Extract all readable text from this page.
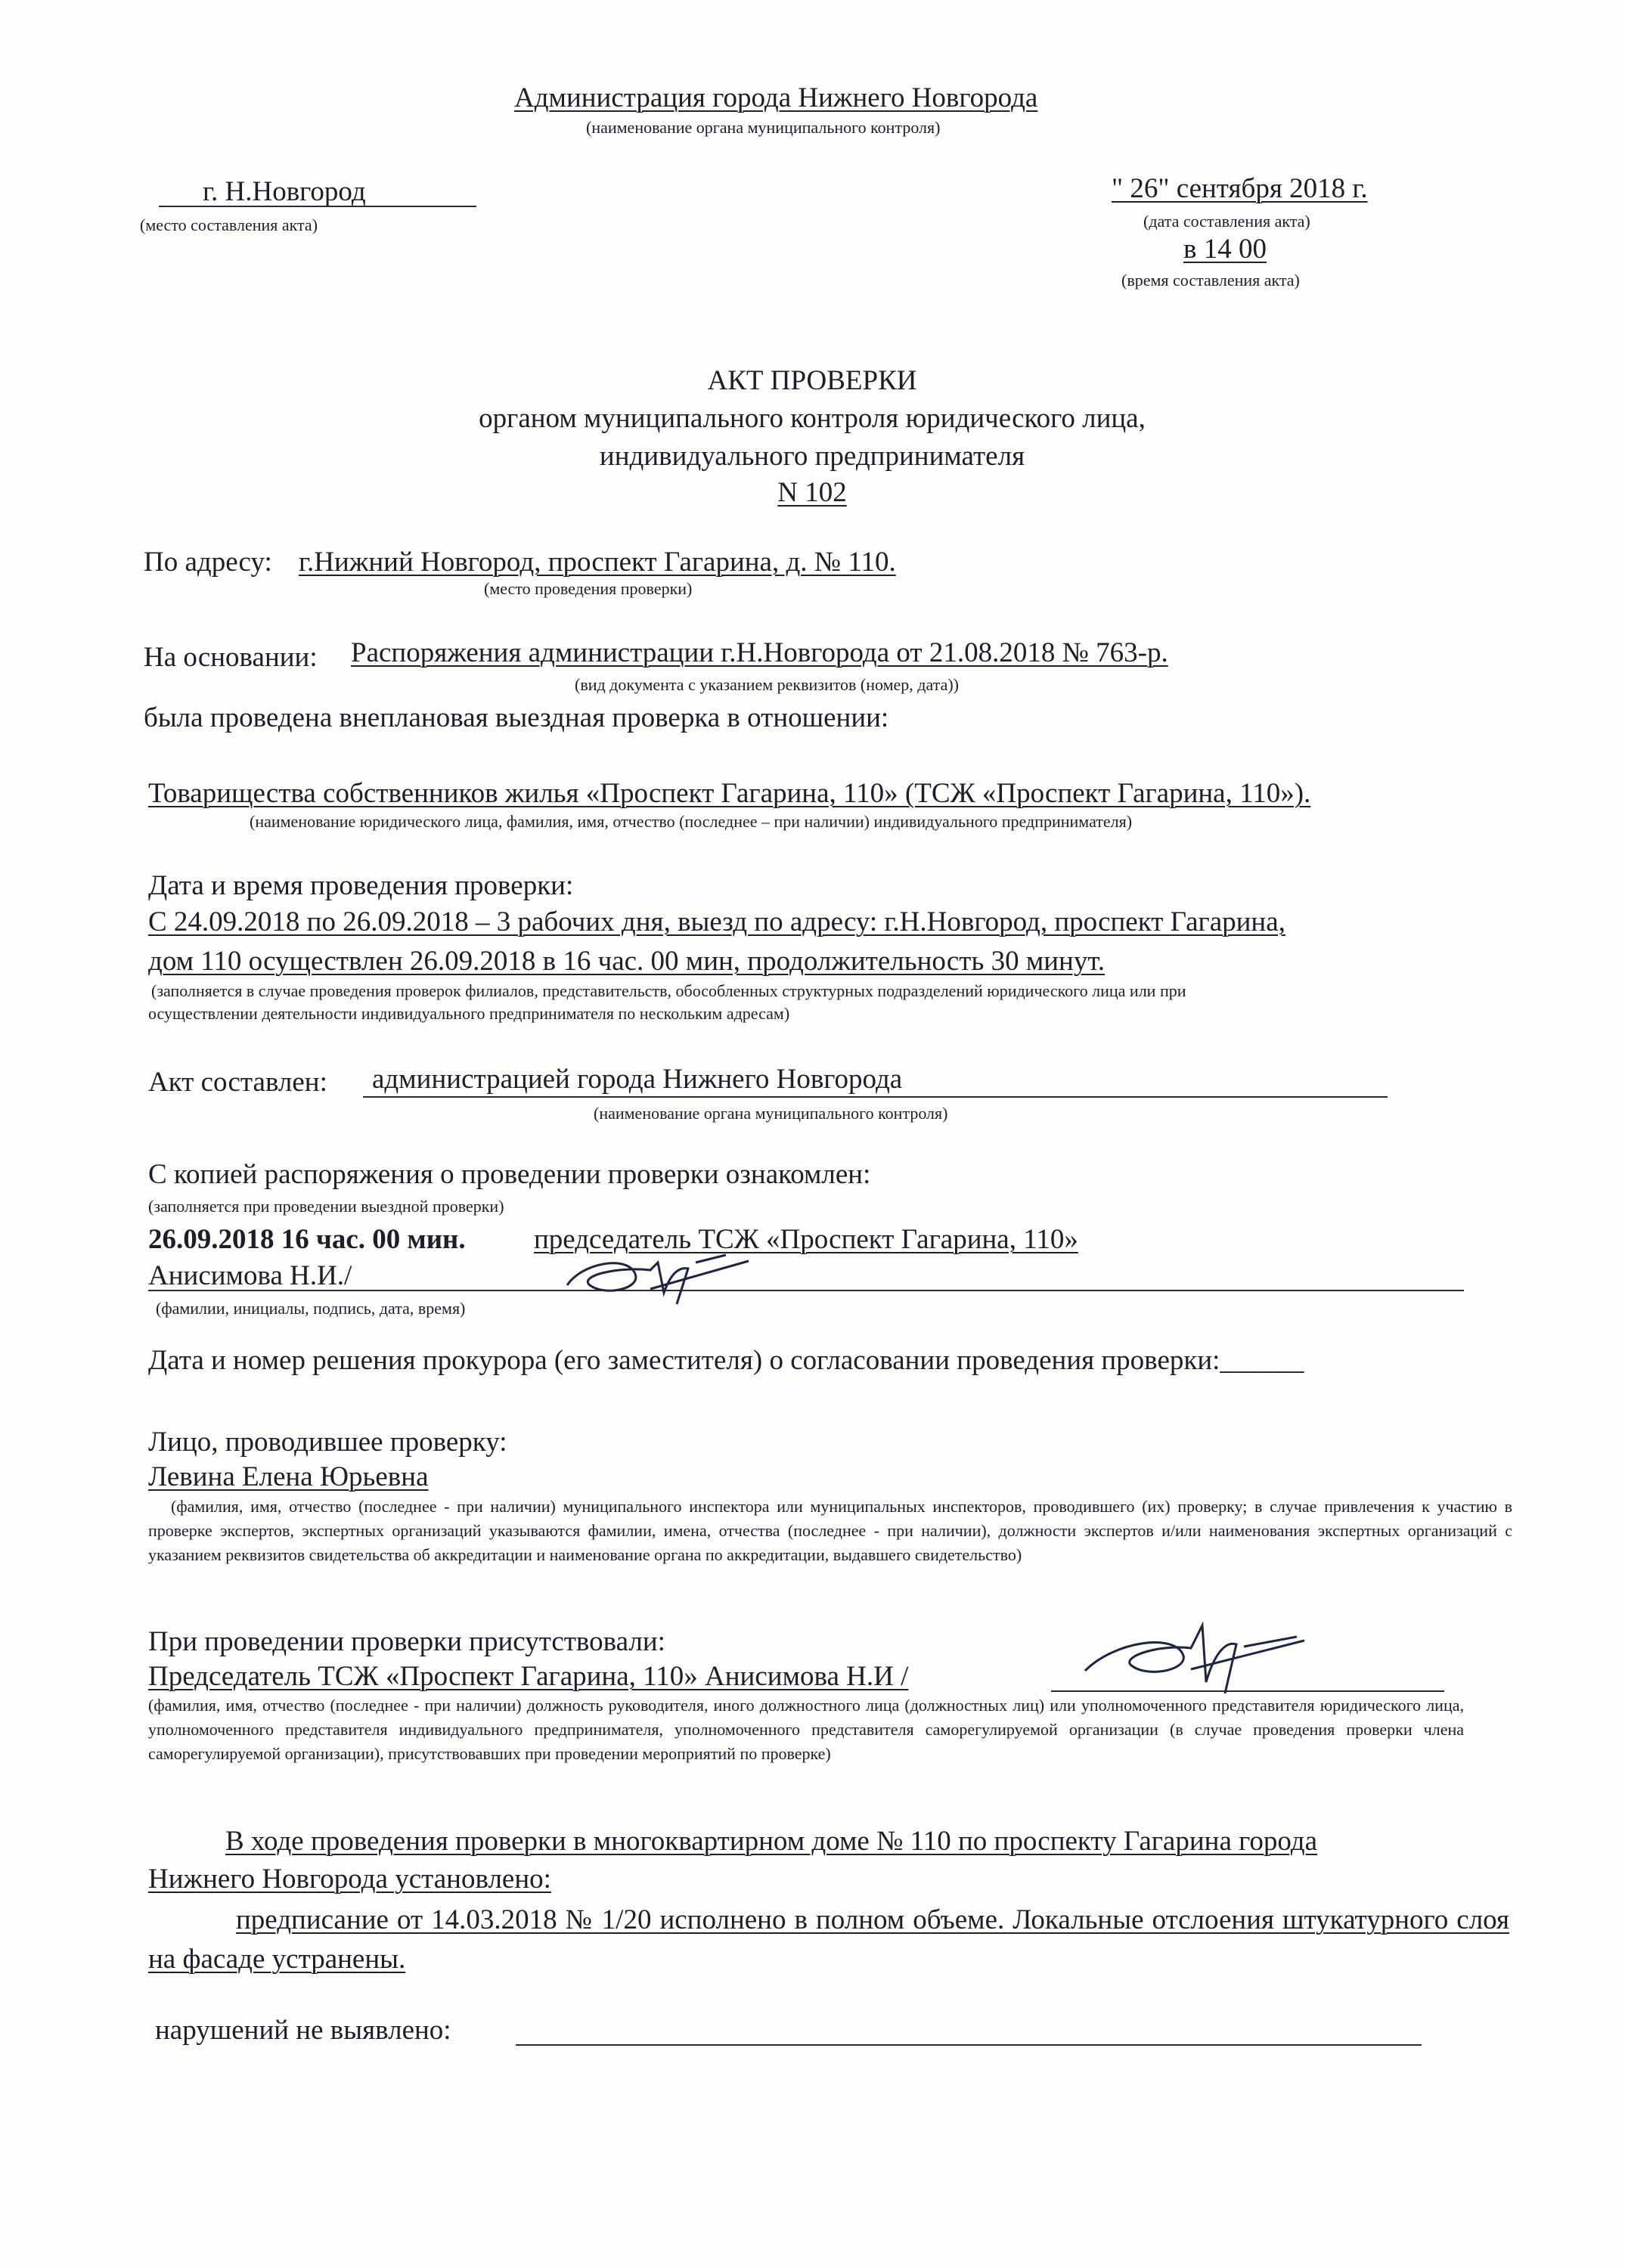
Администрация города Нижнего Новгорода
(наименование органа муниципального контроля)
г. Н.Новгород
(место составления акта)
" 26" сентября 2018 г.
(дата составления акта)
в 14 00
(время составления акта)
АКТ ПРОВЕРКИ
органом муниципального контроля юридического лица,
индивидуального предпринимателя
N 102
По адресу: г.Нижний Новгород, проспект Гагарина, д. № 110.
(место проведения проверки)
На основании: Распоряжения администрации г.Н.Новгорода от 21.08.2018 № 763-р.
(вид документа с указанием реквизитов (номер, дата))
была проведена внеплановая выездная проверка в отношении:
Товарищества собственников жилья «Проспект Гагарина, 110» (ТСЖ «Проспект Гагарина, 110»).
(наименование юридического лица, фамилия, имя, отчество (последнее – при наличии) индивидуального предпринимателя)
Дата и время проведения проверки:
С 24.09.2018 по 26.09.2018 – 3 рабочих дня, выезд по адресу: г.Н.Новгород, проспект Гагарина,
дом 110 осуществлен 26.09.2018 в 16 час. 00 мин, продолжительность 30 минут.
(заполняется в случае проведения проверок филиалов, представительств, обособленных структурных подразделений юридического лица или при
осуществлении деятельности индивидуального предпринимателя по нескольким адресам)
Акт составлен: администрацией города Нижнего Новгорода
(наименование органа муниципального контроля)
С копией распоряжения о проведении проверки ознакомлен:
(заполняется при проведении выездной проверки)
26.09.2018 16 час. 00 мин. председатель ТСЖ «Проспект Гагарина, 110»
Анисимова Н.И./
(фамилии, инициалы, подпись, дата, время)
Дата и номер решения прокурора (его заместителя) о согласовании проведения проверки:______
Лицо, проводившее проверку:
Левина Елена Юрьевна
(фамилия, имя, отчество (последнее - при наличии) муниципального инспектора или муниципальных инспекторов, проводившего (их) проверку; в случае привлечения к участию в проверке экспертов, экспертных организаций указываются фамилии, имена, отчества (последнее - при наличии), должности экспертов и/или наименования экспертных организаций с указанием реквизитов свидетельства об аккредитации и наименование органа по аккредитации, выдавшего свидетельство)
При проведении проверки присутствовали:
Председатель ТСЖ «Проспект Гагарина, 110» Анисимова Н.И /
(фамилия, имя, отчество (последнее - при наличии) должность руководителя, иного должностного лица (должностных лиц) или уполномоченного представителя юридического лица, уполномоченного представителя индивидуального предпринимателя, уполномоченного представителя саморегулируемой организации (в случае проведения проверки члена саморегулируемой организации), присутствовавших при проведении мероприятий по проверке)
В ходе проведения проверки в многоквартирном доме № 110 по проспекту Гагарина города
Нижнего Новгорода установлено:
предписание от 14.03.2018 № 1/20 исполнено в полном объеме. Локальные отслоения штукатурного слоя на фасаде устранены.
нарушений не выявлено:
